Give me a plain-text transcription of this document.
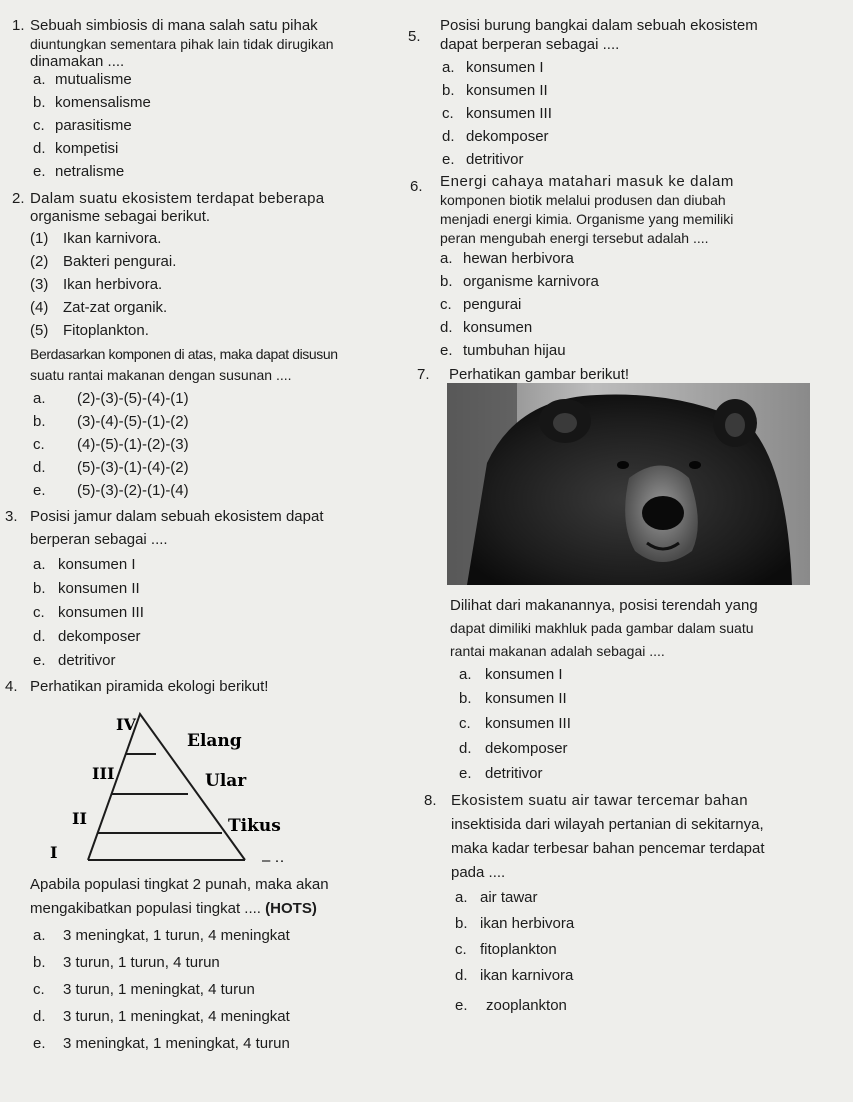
1. Sebuah simbiosis di mana salah satu pihak
diuntungkan sementara pihak lain tidak dirugikan
dinamakan ....
a. mutualisme
b. komensalisme
c. parasitisme
d. kompetisi
e. netralisme
2. Dalam suatu ekosistem terdapat beberapa
organisme sebagai berikut.
(1) Ikan karnivora.
(2) Bakteri pengurai.
(3) Ikan herbivora.
(4) Zat-zat organik.
(5) Fitoplankton.
Berdasarkan komponen di atas, maka dapat disusun
suatu rantai makanan dengan susunan ....
a. (2)-(3)-(5)-(4)-(1)
b. (3)-(4)-(5)-(1)-(2)
c. (4)-(5)-(1)-(2)-(3)
d. (5)-(3)-(1)-(4)-(2)
e. (5)-(3)-(2)-(1)-(4)
3. Posisi jamur dalam sebuah ekosistem dapat
berperan sebagai ....
a. konsumen I
b. konsumen II
c. konsumen III
d. dekomposer
e. detritivor
4. Perhatikan piramida ekologi berikut!
IV
III
II
I
Elang
Ular
Tikus
– ··
Apabila populasi tingkat 2 punah, maka akan
mengakibatkan populasi tingkat .... (HOTS)
a. 3 meningkat, 1 turun, 4 meningkat
b. 3 turun, 1 turun, 4 turun
c. 3 turun, 1 meningkat, 4 turun
d. 3 turun, 1 meningkat, 4 meningkat
e. 3 meningkat, 1 meningkat, 4 turun
5.
Posisi burung bangkai dalam sebuah ekosistem
dapat berperan sebagai ....
a. konsumen I
b. konsumen II
c. konsumen III
d. dekomposer
e. detritivor
6. Energi cahaya matahari masuk ke dalam
komponen biotik melalui produsen dan diubah
menjadi energi kimia. Organisme yang memiliki
peran mengubah energi tersebut adalah ....
a. hewan herbivora
b. organisme karnivora
c. pengurai
d. konsumen
e. tumbuhan hijau
7. Perhatikan gambar berikut!
Dilihat dari makanannya, posisi terendah yang
dapat dimiliki makhluk pada gambar dalam suatu
rantai makanan adalah sebagai ....
a. konsumen I
b. konsumen II
c. konsumen III
d. dekomposer
e. detritivor
8. Ekosistem suatu air tawar tercemar bahan
insektisida dari wilayah pertanian di sekitarnya,
maka kadar terbesar bahan pencemar terdapat
pada ....
a. air tawar
b. ikan herbivora
c. fitoplankton
d. ikan karnivora
e. zooplankton
